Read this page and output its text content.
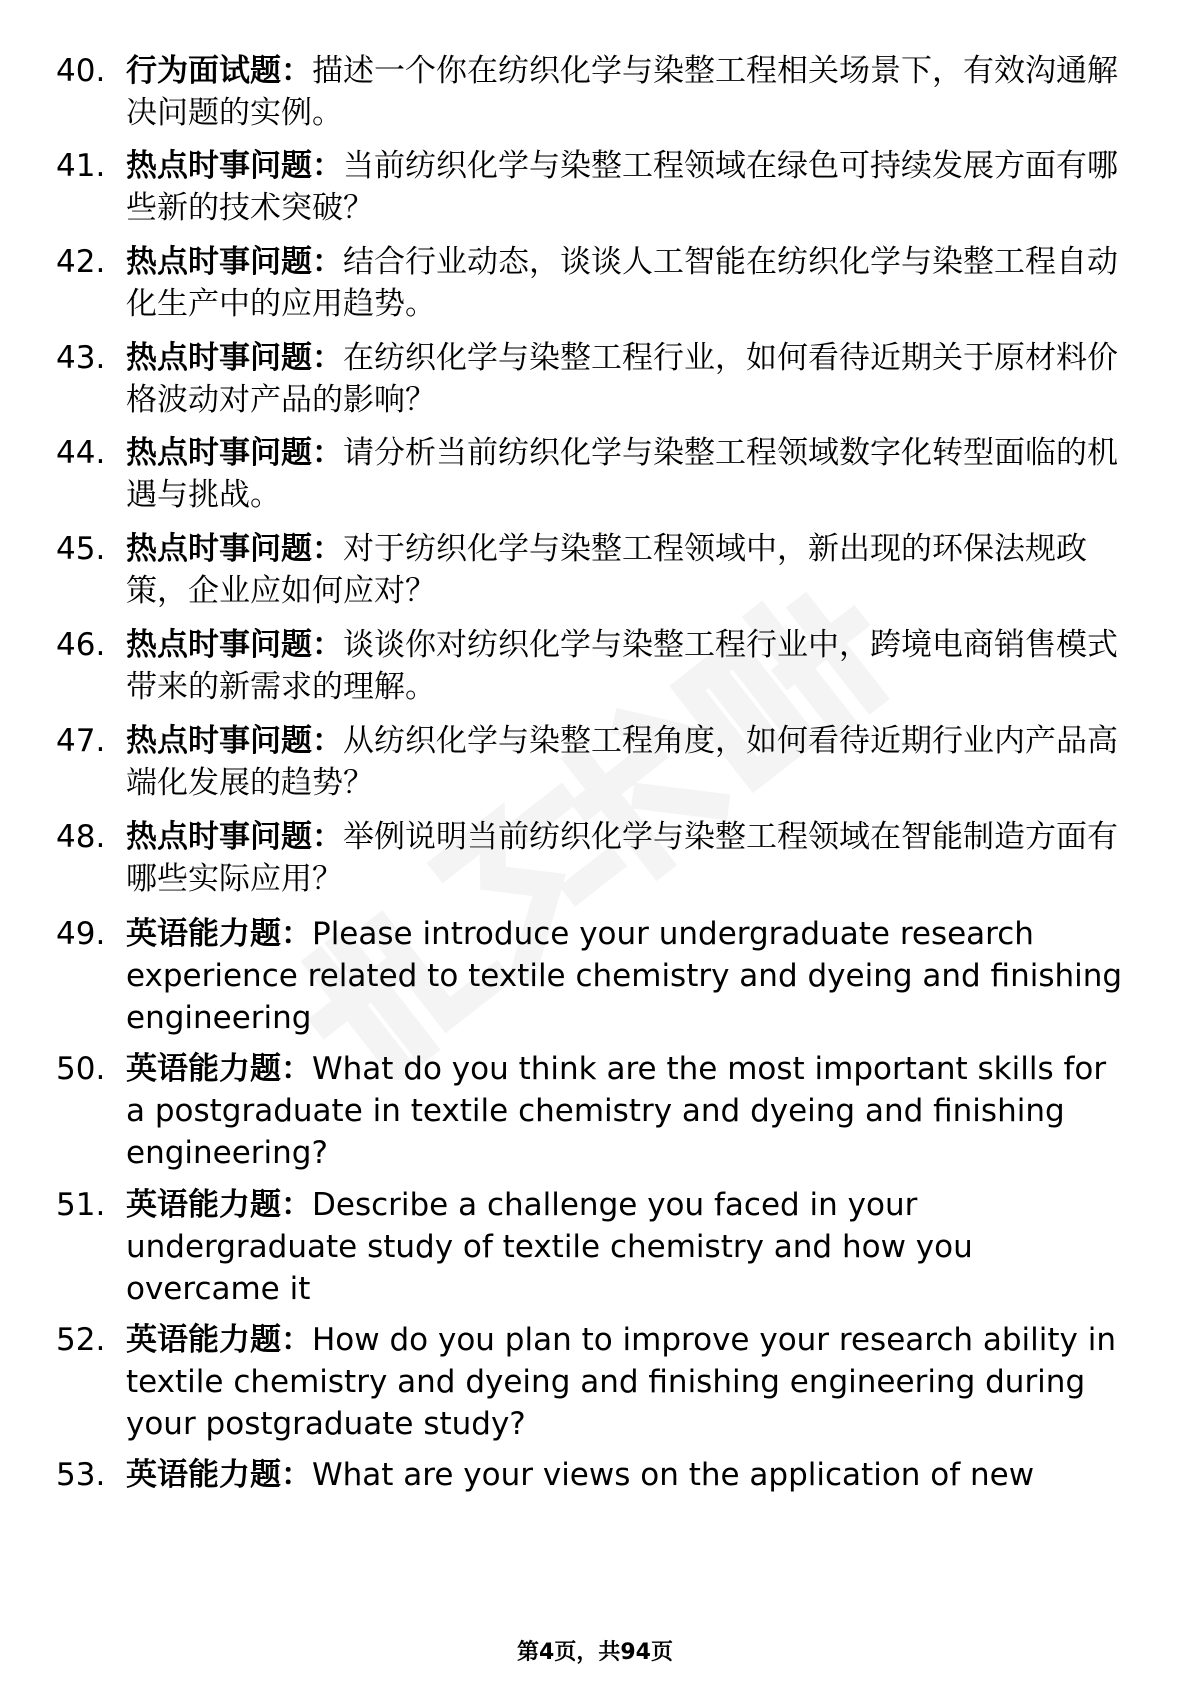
40. 行为面试题：描述一个你在纺织化学与染整工程相关场景下，有效沟通解决问题的实例。
41. 热点时事问题：当前纺织化学与染整工程领域在绿色可持续发展方面有哪些新的技术突破？
42. 热点时事问题：结合行业动态，谈谈人工智能在纺织化学与染整工程自动化生产中的应用趋势。
43. 热点时事问题：在纺织化学与染整工程行业，如何看待近期关于原材料价格波动对产品的影响？
44. 热点时事问题：请分析当前纺织化学与染整工程领域数字化转型面临的机遇与挑战。
45. 热点时事问题：对于纺织化学与染整工程领域中，新出现的环保法规政策，企业应如何应对？
46. 热点时事问题：谈谈你对纺织化学与染整工程行业中，跨境电商销售模式带来的新需求的理解。
47. 热点时事问题：从纺织化学与染整工程角度，如何看待近期行业内产品高端化发展的趋势？
48. 热点时事问题：举例说明当前纺织化学与染整工程领域在智能制造方面有哪些实际应用？
49. 英语能力题：Please introduce your undergraduate research experience related to textile chemistry and dyeing and finishing engineering
50. 英语能力题：What do you think are the most important skills for a postgraduate in textile chemistry and dyeing and finishing engineering?
51. 英语能力题：Describe a challenge you faced in your undergraduate study of textile chemistry and how you overcame it
52. 英语能力题：How do you plan to improve your research ability in textile chemistry and dyeing and finishing engineering during your postgraduate study?
53. 英语能力题：What are your views on the application of new
第4页，共94页
